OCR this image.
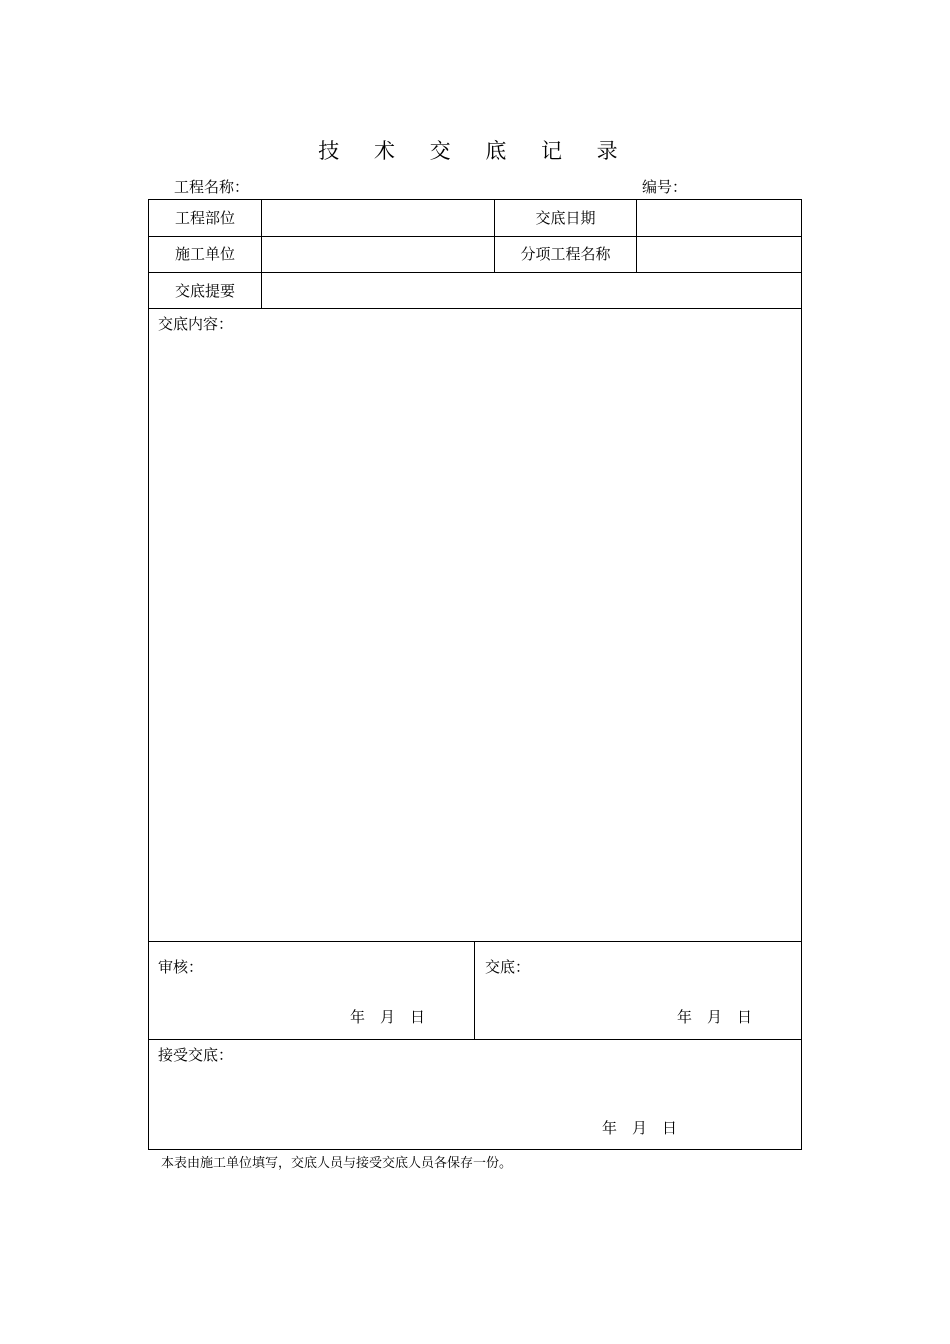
技 术 交 底 记 录
工程名称：	编号：
工程部位	交底日期
施工单位	分项工程名称
交底提要
交底内容：
审核：
年　月　日
交底：
年　月　日
接受交底：
年　月　日
本表由施工单位填写，交底人员与接受交底人员各保存一份。
